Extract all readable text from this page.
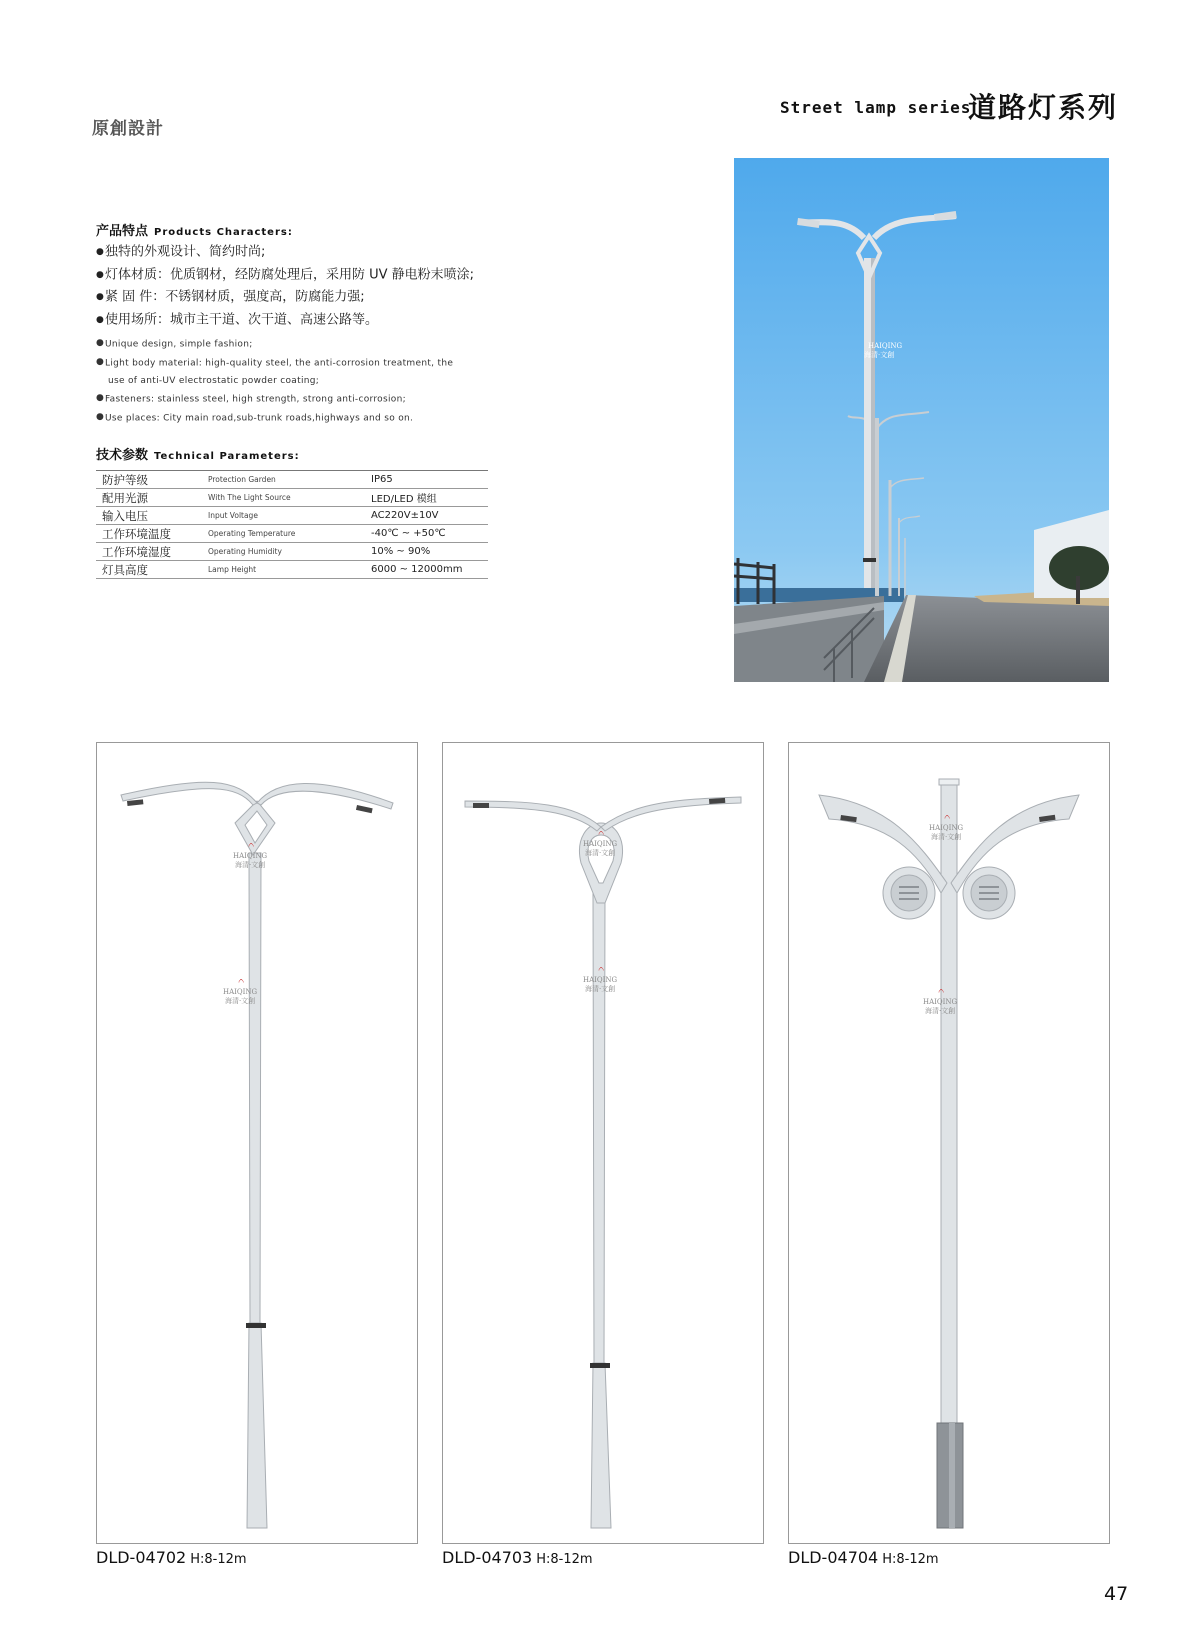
原創設計
Street lamp series
道路灯系列
产品特点 Products Characters:
●独特的外观设计、简约时尚;
●灯体材质：优质钢材，经防腐处理后，采用防 UV 静电粉末喷涂;
●紧 固 件：不锈钢材质，强度高，防腐能力强;
●使用场所：城市主干道、次干道、高速公路等。
●Unique design, simple fashion;
●Light body material: high-quality steel, the anti-corrosion treatment, the
use of anti-UV electrostatic powder coating;
●Fasteners: stainless steel, high strength, strong anti-corrosion;
●Use places: City main road,sub-trunk roads,highways and so on.
技术参数 Technical Parameters:
防护等级	Protection Garden	IP65
配用光源	With The Light Source	LED/LED 模组
输入电压	Input Voltage	AC220V±10V
工作环境温度	Operating Temperature	-40℃ ~ +50℃
工作环境湿度	Operating Humidity	10% ~ 90%
灯具高度	Lamp Height	6000 ~ 12000mm
HAIQING
海清·文創
◜◝
HAIQING
海清·文創
◜◝
HAIQING
海清·文創
◜◝
HAIQING
海清·文創
◜◝
HAIQING
海清·文創
◜◝
HAIQING
海清·文創
◜◝
HAIQING
海清·文創
DLD-04702 H:8-12m	DLD-04703 H:8-12m	DLD-04704 H:8-12m
47
